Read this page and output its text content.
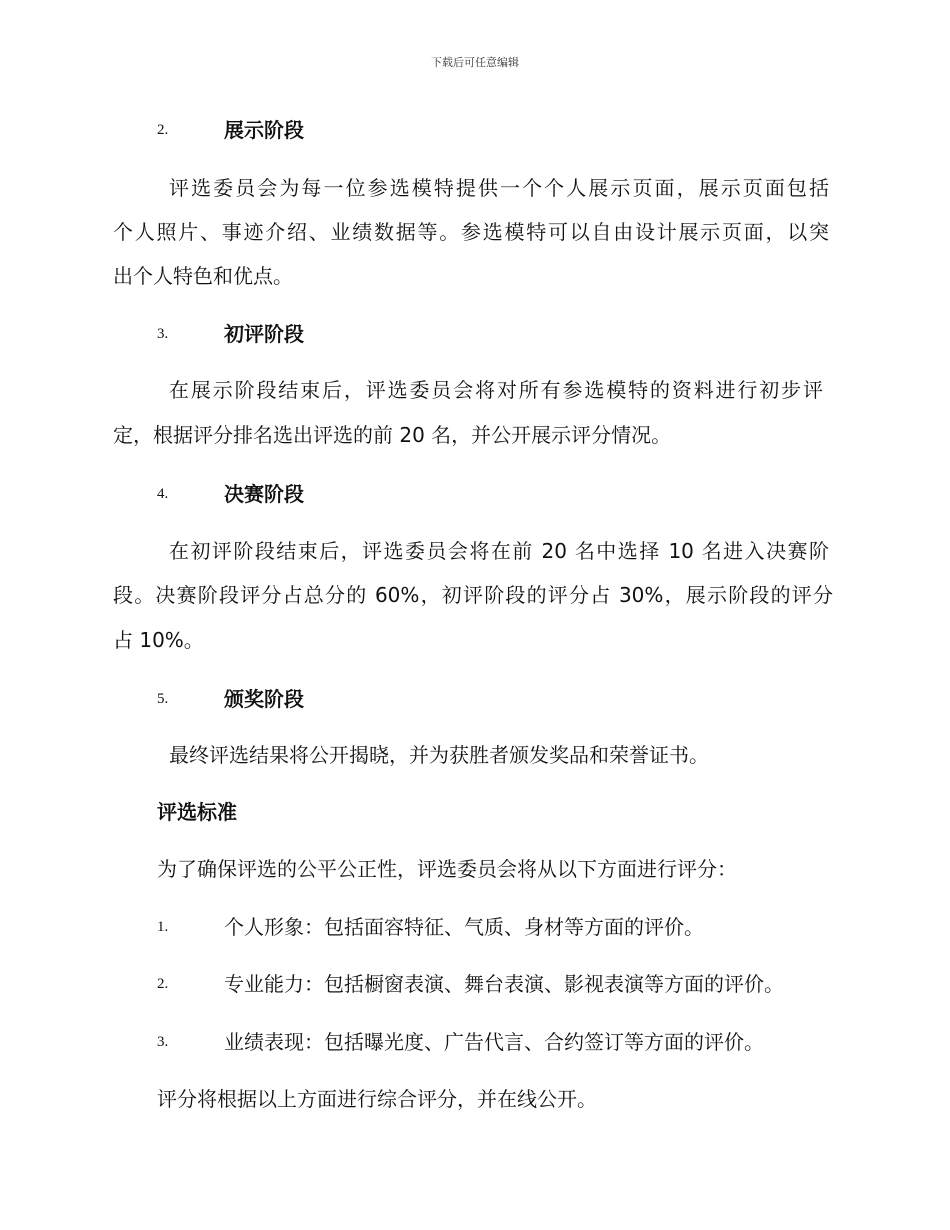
下载后可任意编辑
2.	展示阶段
评选委员会为每一位参选模特提供一个个人展示页面，展示页面包括
个人照片、事迹介绍、业绩数据等。参选模特可以自由设计展示页面，以突
出个人特色和优点。
3.	初评阶段
在展示阶段结束后，评选委员会将对所有参选模特的资料进行初步评
定，根据评分排名选出评选的前 20 名，并公开展示评分情况。
4.	决赛阶段
在初评阶段结束后，评选委员会将在前 20 名中选择 10 名进入决赛阶
段。决赛阶段评分占总分的 60%，初评阶段的评分占 30%，展示阶段的评分
占 10%。
5.	颁奖阶段
最终评选结果将公开揭晓，并为获胜者颁发奖品和荣誉证书。
评选标准
为了确保评选的公平公正性，评选委员会将从以下方面进行评分：
1.	个人形象：包括面容特征、气质、身材等方面的评价。
2.	专业能力：包括橱窗表演、舞台表演、影视表演等方面的评价。
3.	业绩表现：包括曝光度、广告代言、合约签订等方面的评价。
评分将根据以上方面进行综合评分，并在线公开。
